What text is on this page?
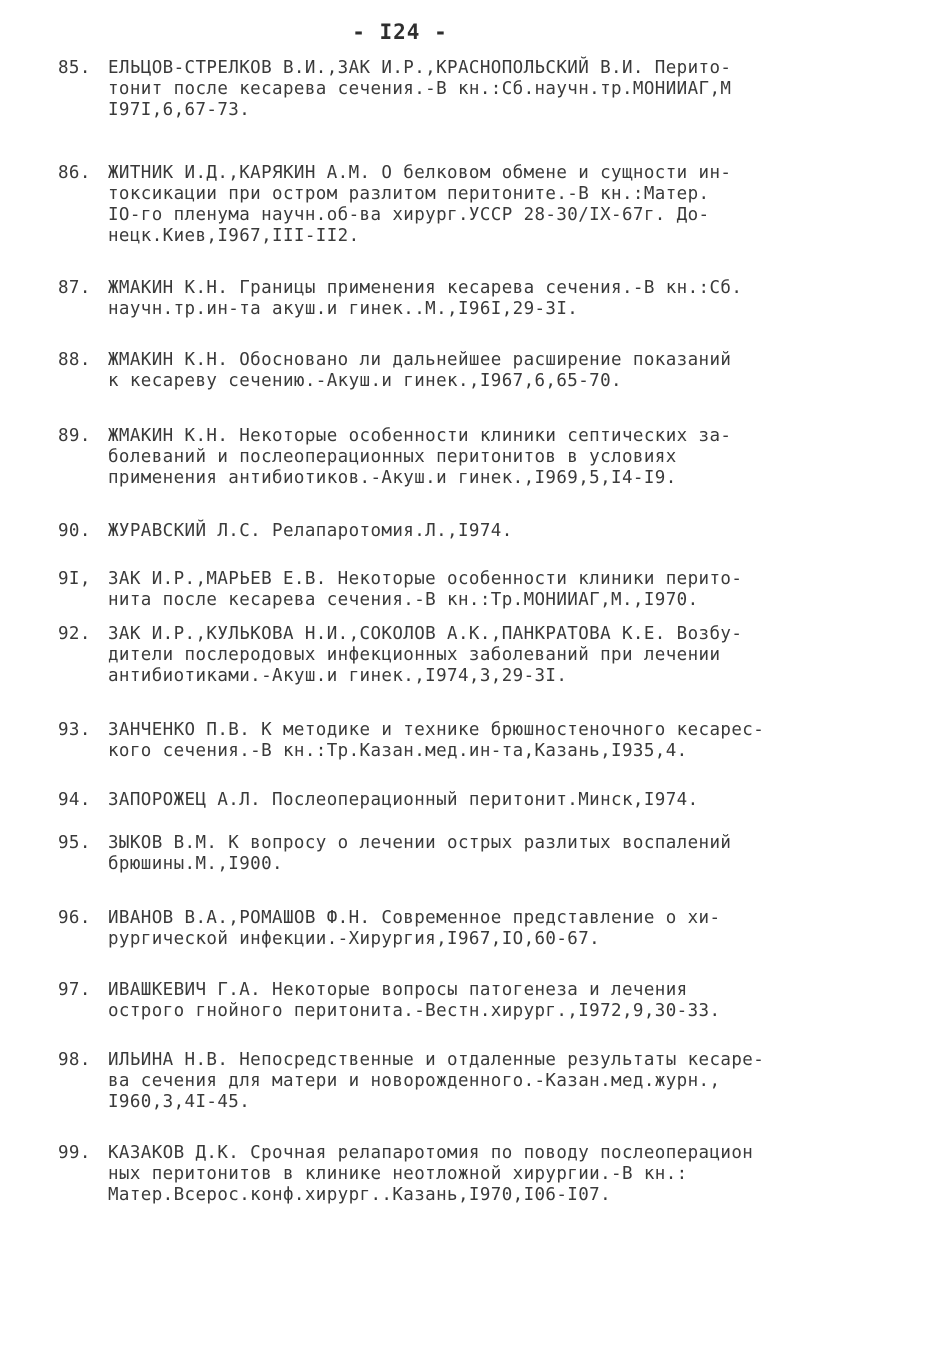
- I24 -
85. ЕЛЬЦОВ-СТРЕЛКОВ В.И.,ЗАК И.Р.,КРАСНОПОЛЬСКИЙ В.И. Перито-
тонит после кесарева сечения.-В кн.:Сб.научн.тр.МОНИИАГ,М
I97I,6,67-73.
86. ЖИТНИК И.Д.,КАРЯКИН А.М. О белковом обмене и сущности ин-
токсикации при остром разлитом перитоните.-В кн.:Матер.
IO-го пленума научн.об-ва хирург.УССР 28-30/IX-67г. До-
нецк.Киев,I967,III-II2.
87. ЖМАКИН К.Н. Границы применения кесарева сечения.-В кн.:Сб.
научн.тр.ин-та акуш.и гинек..М.,I96I,29-3I.
88. ЖМАКИН К.Н. Обосновано ли дальнейшее расширение показаний
к кесареву сечению.-Акуш.и гинек.,I967,6,65-70.
89. ЖМАКИН К.Н. Некоторые особенности клиники септических за-
болеваний и послеоперационных перитонитов в условиях
применения антибиотиков.-Акуш.и гинек.,I969,5,I4-I9.
90. ЖУРАВСКИЙ Л.С. Релапаротомия.Л.,I974.
9I, ЗАК И.Р.,МАРЬЕВ Е.В. Некоторые особенности клиники перито-
нита после кесарева сечения.-В кн.:Тр.МОНИИАГ,М.,I970.
92. ЗАК И.Р.,КУЛЬКОВА Н.И.,СОКОЛОВ А.К.,ПАНКРАТОВА К.Е. Возбу-
дители послеродовых инфекционных заболеваний при лечении
антибиотиками.-Акуш.и гинек.,I974,3,29-3I.
93. ЗАНЧЕНКО П.В. К методике и технике брюшностеночного кесарес-
кого сечения.-В кн.:Тр.Казан.мед.ин-та,Казань,I935,4.
94. ЗАПОРОЖЕЦ А.Л. Послеоперационный перитонит.Минск,I974.
95. ЗЫКОВ В.М. К вопросу о лечении острых разлитых воспалений
брюшины.М.,I900.
96. ИВАНОВ В.А.,РОМАШОВ Ф.Н. Современное представление о хи-
рургической инфекции.-Хирургия,I967,IO,60-67.
97. ИВАШКЕВИЧ Г.А. Некоторые вопросы патогенеза и лечения
острого гнойного перитонита.-Вестн.хирург.,I972,9,30-33.
98. ИЛЬИНА Н.В. Непосредственные и отдаленные результаты кесаре-
ва сечения для матери и новорожденного.-Казан.мед.журн.,
I960,3,4I-45.
99. КАЗАКОВ Д.К. Срочная релапаротомия по поводу послеоперацион
ных перитонитов в клинике неотложной хирургии.-В кн.:
Матер.Всерос.конф.хирург..Казань,I970,I06-I07.
